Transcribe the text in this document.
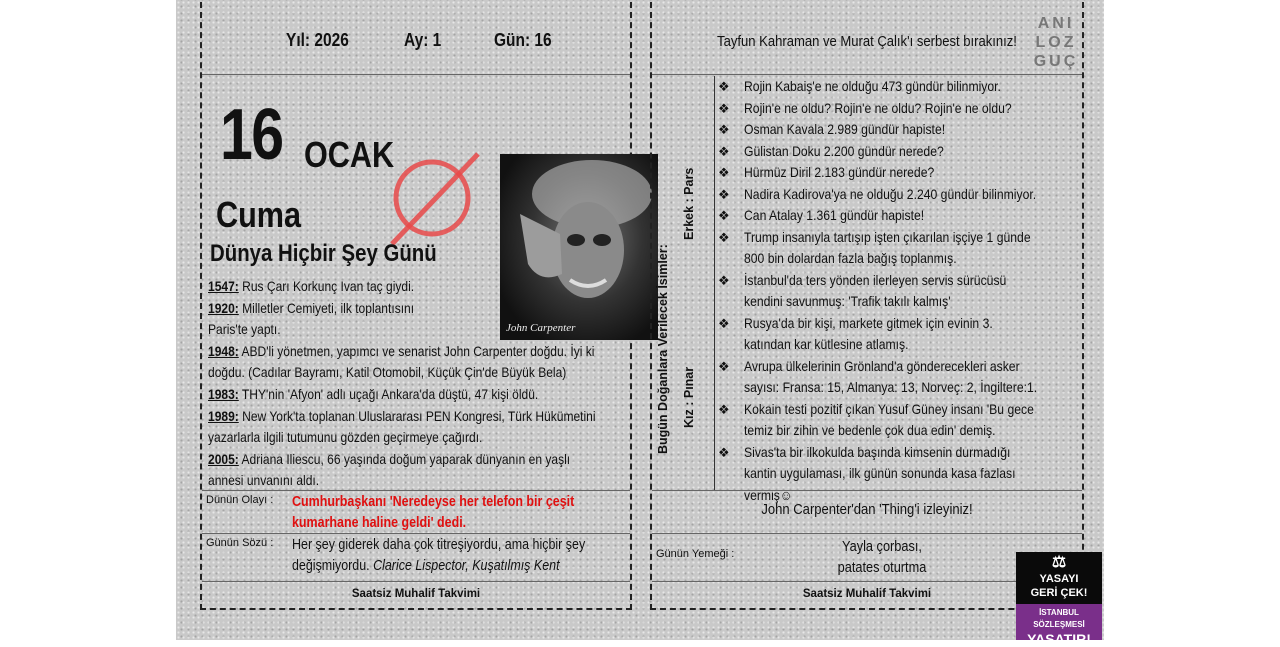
Yıl: 2026	Ay: 1	Gün: 16
16 OCAK
Cuma
Dünya Hiçbir Şey Günü
John Carpenter

1547: Rus Çarı Korkunç Ivan taç giydi.

1920: Milletler Cemiyeti, ilk toplantısını

Paris'te yaptı.

1948: ABD'li yönetmen, yapımcı ve senarist John Carpenter doğdu. İyi ki

doğdu. (Cadılar Bayramı, Katil Otomobil, Küçük Çin'de Büyük Bela)

1983: THY'nin 'Afyon' adlı uçağı Ankara'da düştü, 47 kişi öldü.

1989: New York'ta toplanan Uluslararası PEN Kongresi, Türk Hükümetini

yazarlarla ilgili tutumunu gözden geçirmeye çağırdı.

2005: Adriana Iliescu, 66 yaşında doğum yaparak dünyanın en yaşlı

annesi unvanını aldı.

Dünün Olayı : Cumhurbaşkanı 'Neredeyse her telefon bir çeşit kumarhane haline geldi' dedi.
Günün Sözü : Her şey giderek daha çok titreşiyordu, ama hiçbir şey değişmiyordu. Clarice Lispector, Kuşatılmış Kent
Saatsiz Muhalif Takvimi
Tayfun Kahraman ve Murat Çalık'ı serbest bırakınız!
ANI
LOZ
GUÇ
Bugün Doğanlara Verilecek İsimler:
Erkek : Pars
Kız : Pınar
❖	Rojin Kabaiş'e ne olduğu 473 gündür bilinmiyor.
❖	Rojin'e ne oldu? Rojin'e ne oldu? Rojin'e ne oldu?
❖	Osman Kavala 2.989 gündür hapiste!
❖	Gülistan Doku 2.200 gündür nerede?
❖	Hürmüz Diril 2.183 gündür nerede?
❖	Nadira Kadirova'ya ne olduğu 2.240 gündür bilinmiyor.
❖	Can Atalay 1.361 gündür hapiste!
❖	Trump insanıyla tartışıp işten çıkarılan işçiye 1 günde 800 bin dolardan fazla bağış toplanmış.
❖	İstanbul'da ters yönden ilerleyen servis sürücüsü kendini savunmuş: 'Trafik takılı kalmış'
❖	Rusya'da bir kişi, markete gitmek için evinin 3. katından kar kütlesine atlamış.
❖	Avrupa ülkelerinin Grönland'a gönderecekleri asker sayısı: Fransa: 15, Almanya: 13, Norveç: 2, İngiltere:1.
❖	Kokain testi pozitif çıkan Yusuf Güney insanı 'Bu gece temiz bir zihin ve bedenle çok dua edin' demiş.
❖	Sivas'ta bir ilkokulda başında kimsenin durmadığı kantin uygulaması, ilk günün sonunda kasa fazlası vermiş☺
John Carpenter'dan 'Thing'i izleyiniz!
Günün Yemeği :	Yayla çorbası,
patates oturtma
Saatsiz Muhalif Takvimi
⚖
YASAYI
GERİ ÇEK!
İSTANBUL SÖZLEŞMESİ
YAŞATIR!
